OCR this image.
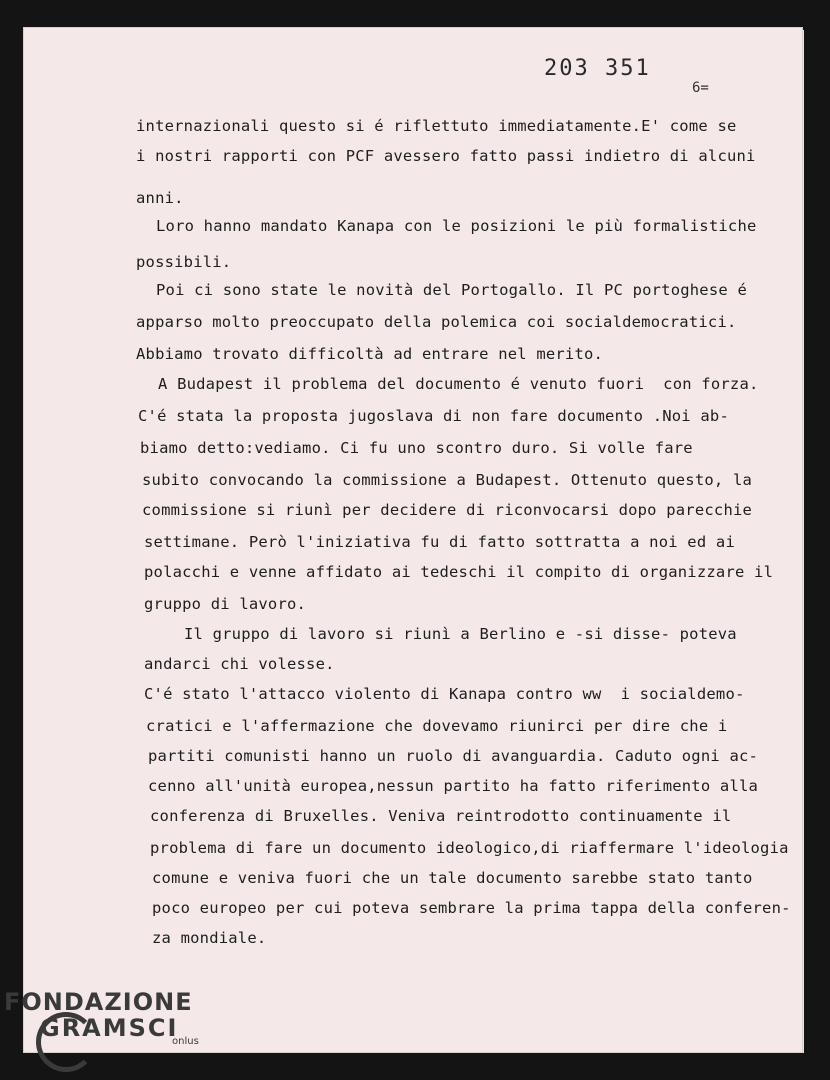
203 351

6=

internazionali questo si é riflettuto immediatamente.E' come se

i nostri rapporti con PCF avessero fatto passi indietro di alcuni

anni.

Loro hanno mandato Kanapa con le posizioni le più formalistiche

possibili.

Poi ci sono state le novità del Portogallo. Il PC portoghese é

apparso molto preoccupato della polemica coi socialdemocratici.

Abbiamo trovato difficoltà ad entrare nel merito.

A Budapest il problema del documento é venuto fuori  con forza.

C'é stata la proposta jugoslava di non fare documento .Noi ab-

biamo detto:vediamo. Ci fu uno scontro duro. Si volle fare

subito convocando la commissione a Budapest. Ottenuto questo, la

commissione si riunì per decidere di riconvocarsi dopo parecchie

settimane. Però l'iniziativa fu di fatto sottratta a noi ed ai

polacchi e venne affidato ai tedeschi il compito di organizzare il

gruppo di lavoro.

Il gruppo di lavoro si riunì a Berlino e -si disse- poteva

andarci chi volesse.

C'é stato l'attacco violento di Kanapa contro ww  i socialdemo-

cratici e l'affermazione che dovevamo riunirci per dire che i

partiti comunisti hanno un ruolo di avanguardia. Caduto ogni ac-

cenno all'unità europea,nessun partito ha fatto riferimento alla

conferenza di Bruxelles. Veniva reintrodotto continuamente il

problema di fare un documento ideologico,di riaffermare l'ideologia

comune e veniva fuori che un tale documento sarebbe stato tanto

poco europeo per cui poteva sembrare la prima tappa della conferen-

za mondiale.

FONDAZIONE
GRAMSCI
onlus
